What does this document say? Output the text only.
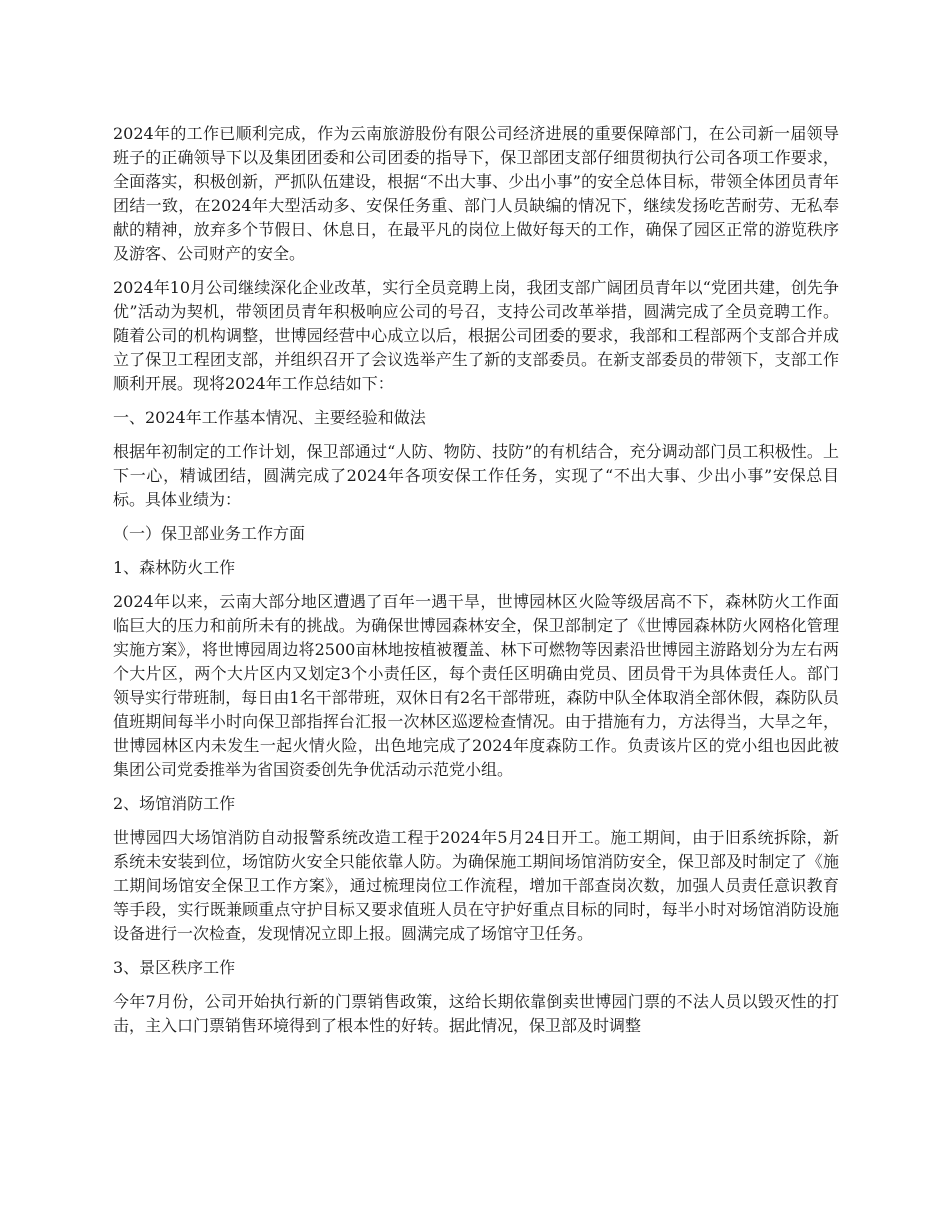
2024年的工作已顺利完成，作为云南旅游股份有限公司经济进展的重要保障部门，在公司新一届领导班子的正确领导下以及集团团委和公司团委的指导下，保卫部团支部仔细贯彻执行公司各项工作要求，全面落实，积极创新，严抓队伍建设，根据“不出大事、少出小事”的安全总体目标，带领全体团员青年团结一致，在2024年大型活动多、安保任务重、部门人员缺编的情况下，继续发扬吃苦耐劳、无私奉献的精神，放弃多个节假日、休息日，在最平凡的岗位上做好每天的工作，确保了园区正常的游览秩序及游客、公司财产的安全。

2024年10月公司继续深化企业改革，实行全员竞聘上岗，我团支部广阔团员青年以“党团共建，创先争优”活动为契机，带领团员青年积极响应公司的号召，支持公司改革举措，圆满完成了全员竞聘工作。随着公司的机构调整，世博园经营中心成立以后，根据公司团委的要求，我部和工程部两个支部合并成立了保卫工程团支部，并组织召开了会议选举产生了新的支部委员。在新支部委员的带领下，支部工作顺利开展。现将2024年工作总结如下：

一、2024年工作基本情况、主要经验和做法

根据年初制定的工作计划，保卫部通过“人防、物防、技防”的有机结合，充分调动部门员工积极性。上下一心，精诚团结，圆满完成了2024年各项安保工作任务，实现了“不出大事、少出小事”安保总目标。具体业绩为：

（一）保卫部业务工作方面

1、森林防火工作

2024年以来，云南大部分地区遭遇了百年一遇干旱，世博园林区火险等级居高不下，森林防火工作面临巨大的压力和前所未有的挑战。为确保世博园森林安全，保卫部制定了《世博园森林防火网格化管理实施方案》，将世博园周边将2500亩林地按植被覆盖、林下可燃物等因素沿世博园主游路划分为左右两个大片区，两个大片区内又划定3个小责任区，每个责任区明确由党员、团员骨干为具体责任人。部门领导实行带班制，每日由1名干部带班，双休日有2名干部带班，森防中队全体取消全部休假，森防队员值班期间每半小时向保卫部指挥台汇报一次林区巡逻检查情况。由于措施有力，方法得当，大旱之年，世博园林区内未发生一起火情火险，出色地完成了2024年度森防工作。负责该片区的党小组也因此被集团公司党委推举为省国资委创先争优活动示范党小组。

2、场馆消防工作

世博园四大场馆消防自动报警系统改造工程于2024年5月24日开工。施工期间，由于旧系统拆除，新系统未安装到位，场馆防火安全只能依靠人防。为确保施工期间场馆消防安全，保卫部及时制定了《施工期间场馆安全保卫工作方案》，通过梳理岗位工作流程，增加干部查岗次数，加强人员责任意识教育等手段，实行既兼顾重点守护目标又要求值班人员在守护好重点目标的同时，每半小时对场馆消防设施设备进行一次检查，发现情况立即上报。圆满完成了场馆守卫任务。

3、景区秩序工作

今年7月份，公司开始执行新的门票销售政策，这给长期依靠倒卖世博园门票的不法人员以毁灭性的打击，主入口门票销售环境得到了根本性的好转。据此情况，保卫部及时调整
